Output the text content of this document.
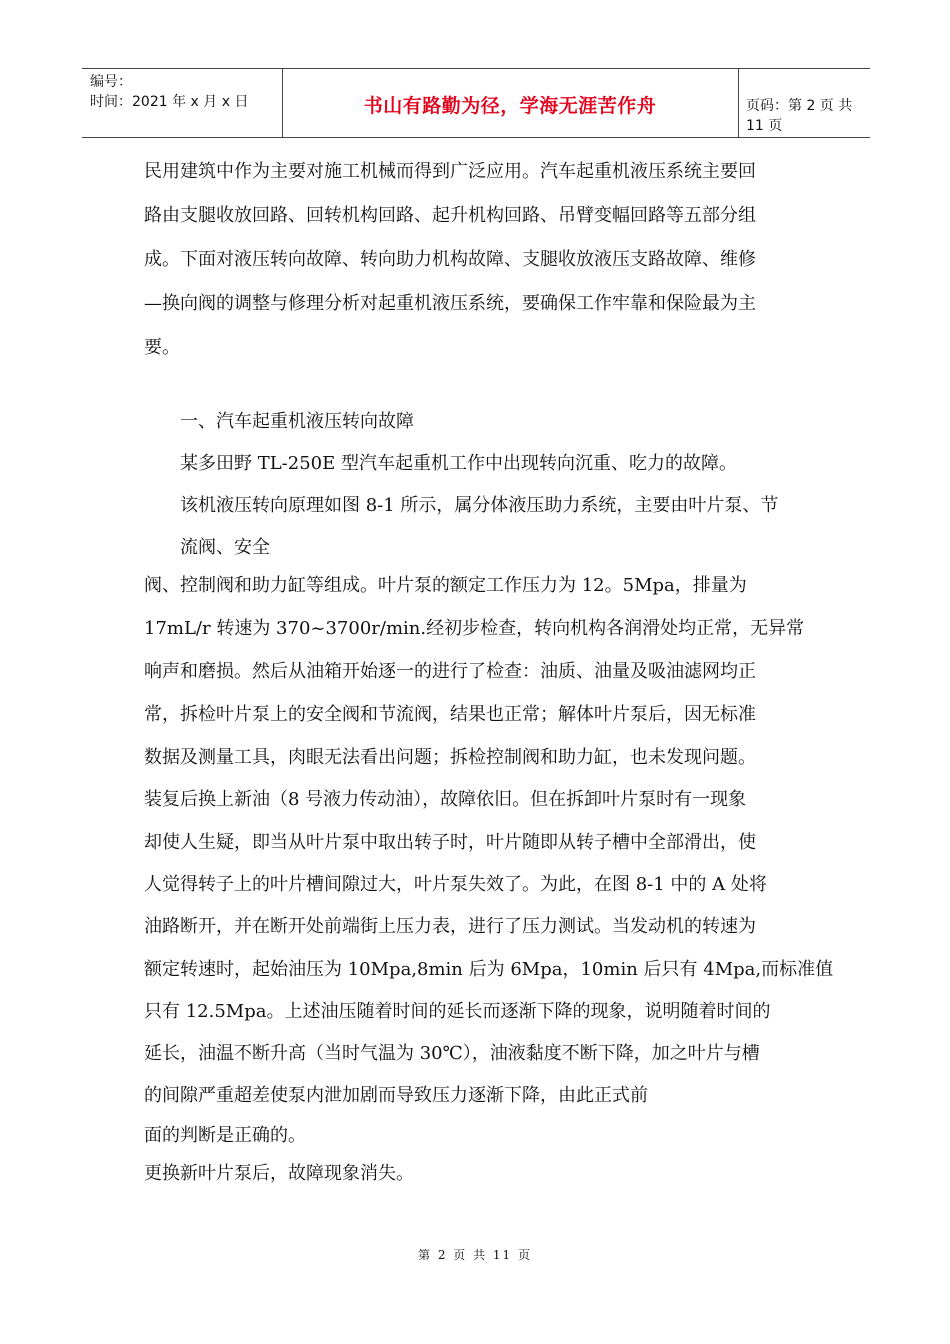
编号：
时间：2021 年 x 月 x 日	书山有路勤为径，学海无涯苦作舟	页码：第 2 页 共 11 页
民用建筑中作为主要对施工机械而得到广泛应用。汽车起重机液压系统主要回
路由支腿收放回路、回转机构回路、起升机构回路、吊臂变幅回路等五部分组
成。下面对液压转向故障、转向助力机构故障、支腿收放液压支路故障、维修
—换向阀的调整与修理分析对起重机液压系统，要确保工作牢靠和保险最为主
要。
一、汽车起重机液压转向故障
某多田野 TL-250E 型汽车起重机工作中出现转向沉重、吃力的故障。
该机液压转向原理如图 8-1 所示，属分体液压助力系统，主要由叶片泵、节
流阀、安全
阀、控制阀和助力缸等组成。叶片泵的额定工作压力为 12。5Mpa，排量为
17mL/r 转速为 370~3700r/min.经初步检查，转向机构各润滑处均正常，无异常
响声和磨损。然后从油箱开始逐一的进行了检查：油质、油量及吸油滤网均正
常，拆检叶片泵上的安全阀和节流阀，结果也正常；解体叶片泵后，因无标准
数据及测量工具，肉眼无法看出问题；拆检控制阀和助力缸，也未发现问题。
装复后换上新油（8 号液力传动油），故障依旧。但在拆卸叶片泵时有一现象
却使人生疑，即当从叶片泵中取出转子时，叶片随即从转子槽中全部滑出，使
人觉得转子上的叶片槽间隙过大，叶片泵失效了。为此，在图 8-1 中的 A 处将
油路断开，并在断开处前端街上压力表，进行了压力测试。当发动机的转速为
额定转速时，起始油压为 10Mpa,8min 后为 6Mpa，10min 后只有 4Mpa,而标准值
只有 12.5Mpa。上述油压随着时间的延长而逐渐下降的现象，说明随着时间的
延长，油温不断升高（当时气温为 30℃），油液黏度不断下降，加之叶片与槽
的间隙严重超差使泵内泄加剧而导致压力逐渐下降，由此正式前
面的判断是正确的。
更换新叶片泵后，故障现象消失。
第 2 页 共 11 页
